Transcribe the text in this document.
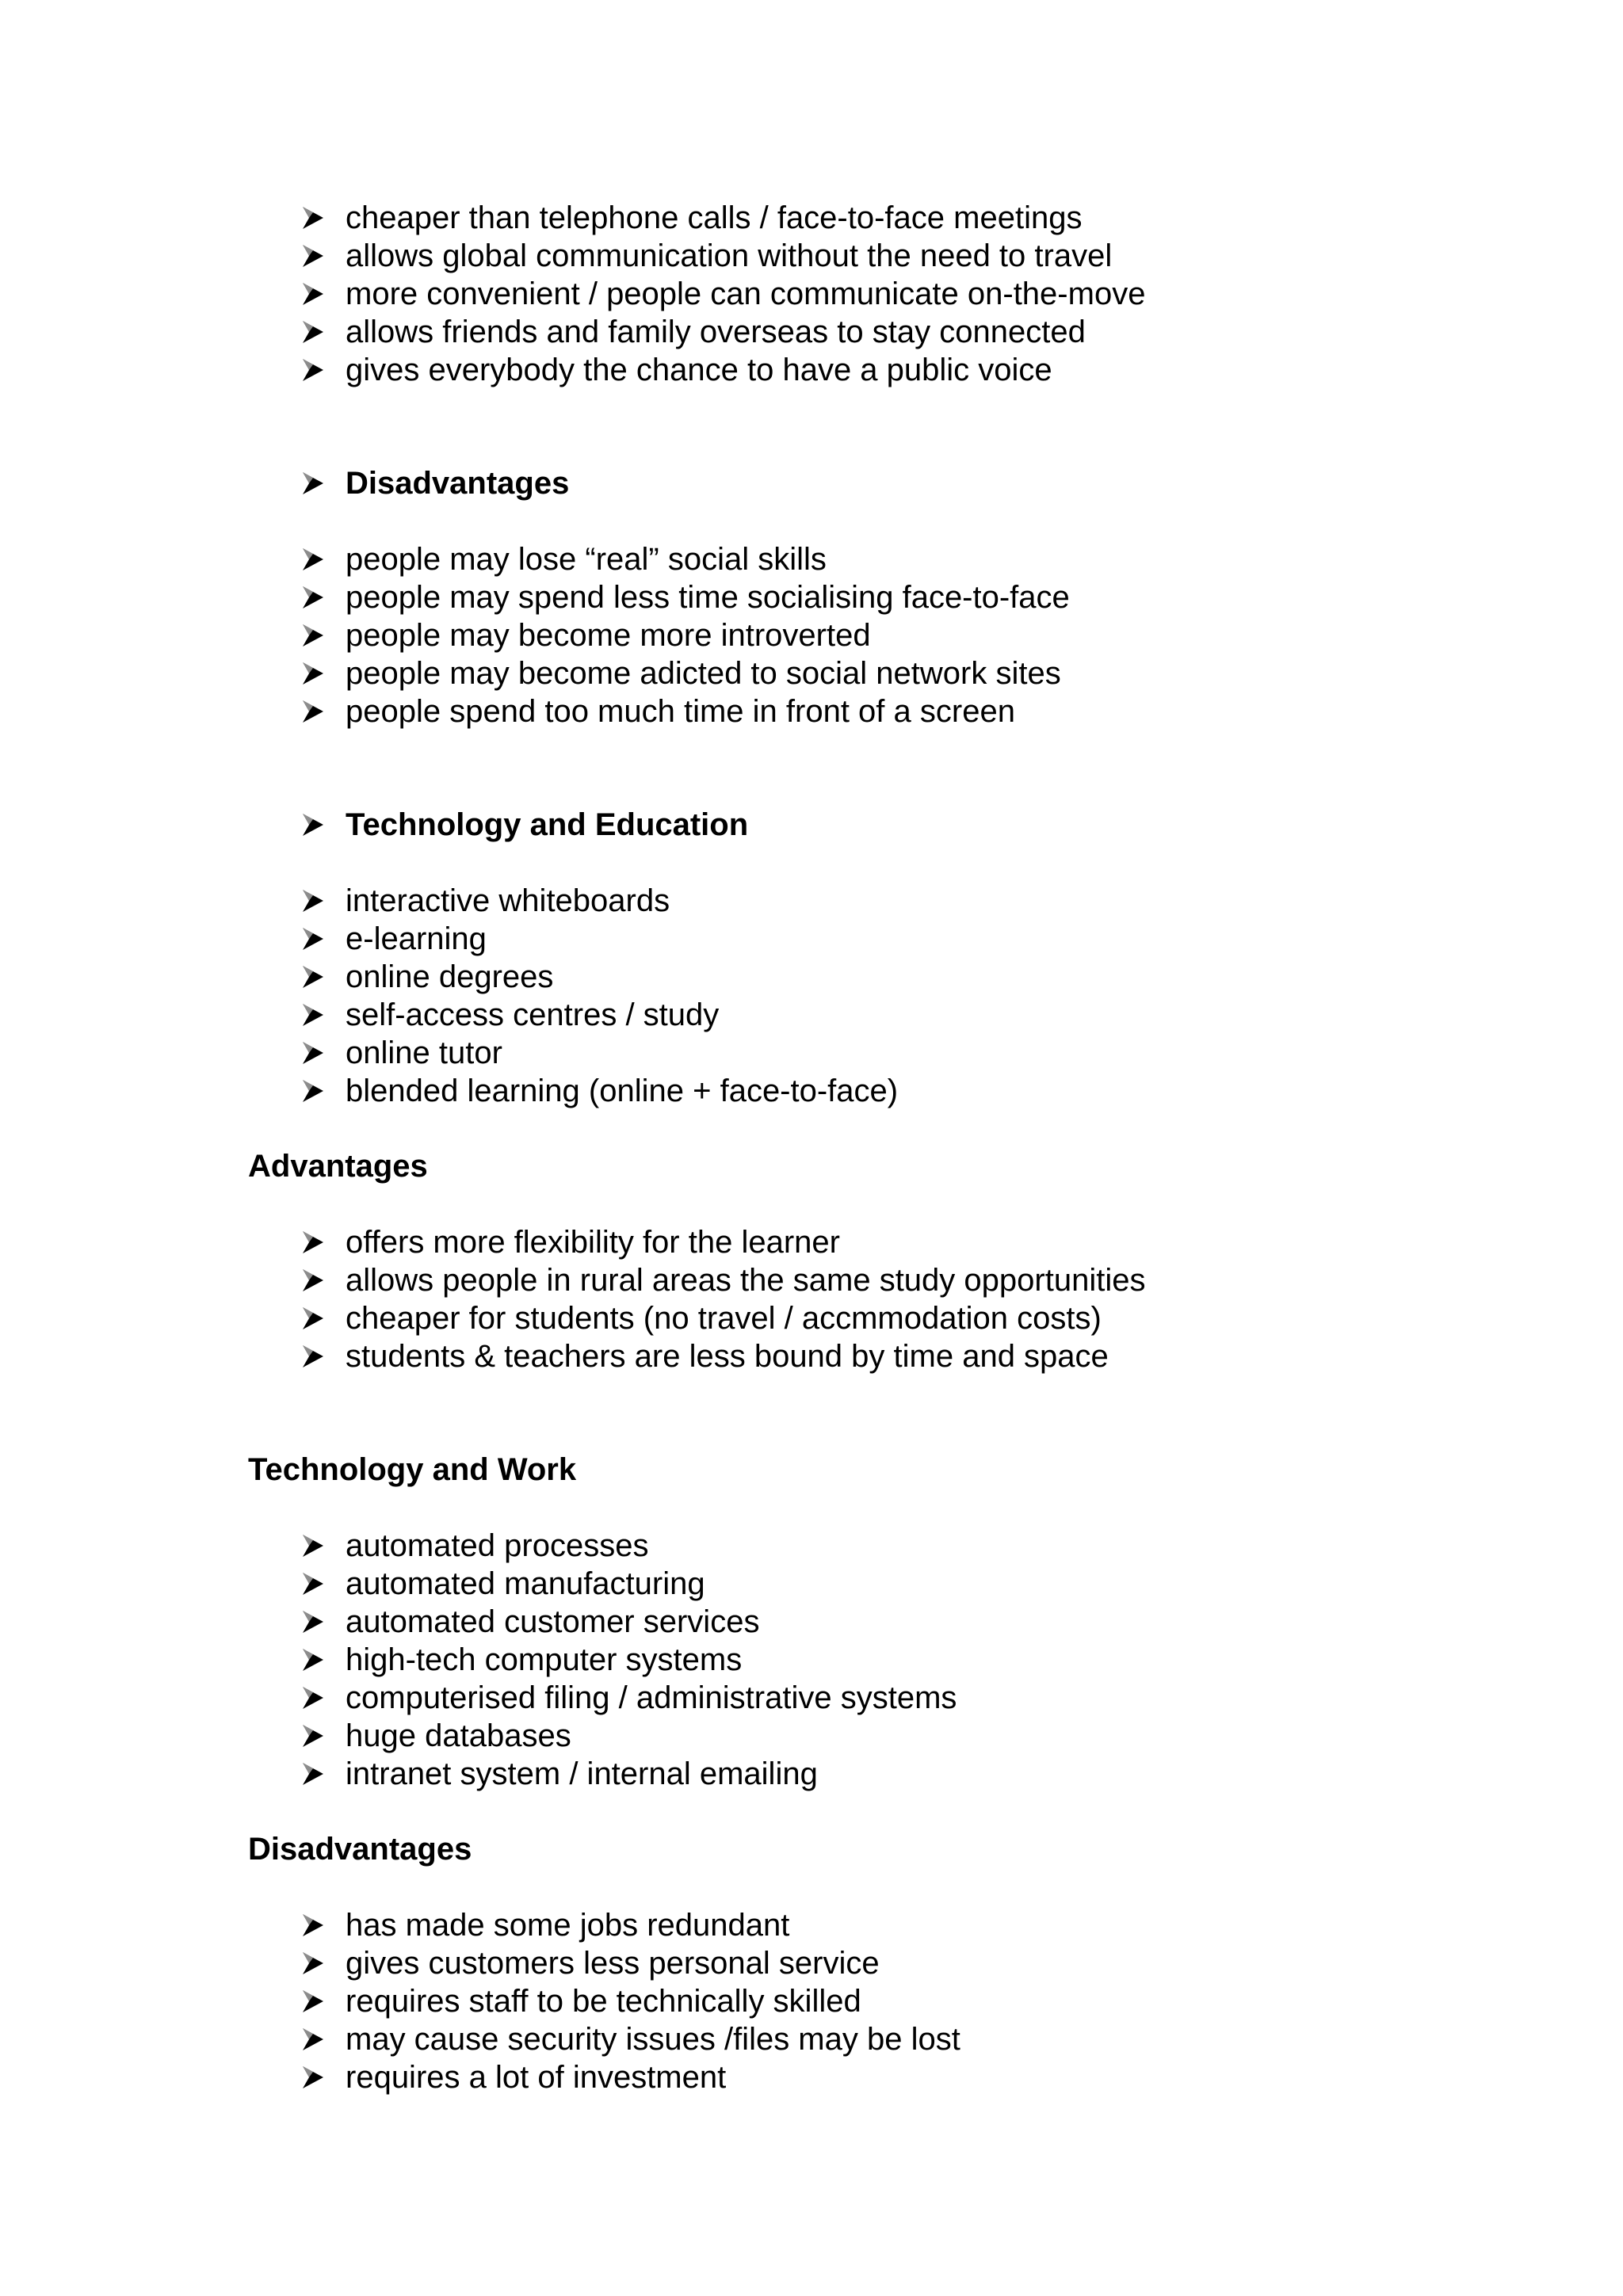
cheaper than telephone calls / face-to-face meetings
allows global communication without the need to travel
more convenient / people can communicate on-the-move
allows friends and family overseas to stay connected
gives everybody the chance to have a public voice
Disadvantages
people may lose “real” social skills
people may spend less time socialising face-to-face
people may become more introverted
people may become adicted to social network sites
people spend too much time in front of a screen
Technology and Education
interactive whiteboards
e-learning
online degrees
self-access centres / study
online tutor
blended learning (online + face-to-face)
Advantages
offers more flexibility for the learner
allows people in rural areas the same study opportunities
cheaper for students (no travel / accmmodation costs)
students & teachers are less bound by time and space
Technology and Work
automated processes
automated manufacturing
automated customer services
high-tech computer systems
computerised filing / administrative systems
huge databases
intranet system / internal emailing
Disadvantages
has made some jobs redundant
gives customers less personal service
requires staff to be technically skilled
may cause security issues /files may be lost
requires a lot of investment
